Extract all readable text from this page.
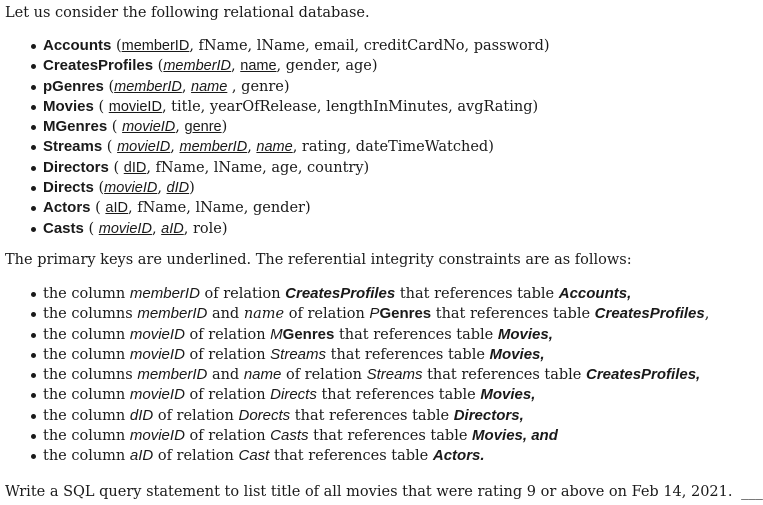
Let us consider the following relational database.
Accounts (memberID, fName, lName, email, creditCardNo, password)
CreatesProfiles (memberID, name, gender, age)
pGenres (memberID, name , genre)
Movies ( movieID, title, yearOfRelease, lengthInMinutes, avgRating)
MGenres ( movieID, genre)
Streams ( movieID, memberID, name, rating, dateTimeWatched)
Directors ( dID, fName, lName, age, country)
Directs (movieID, dID)
Actors ( aID, fName, lName, gender)
Casts ( movieID, aID, role)
The primary keys are underlined. The referential integrity constraints are as follows:
the column memberID of relation CreatesProfiles that references table Accounts,
the columns memberID and name of relation PGenres that references table CreatesProfiles,
the column movieID of relation MGenres that references table Movies,
the column movieID of relation Streams that references table Movies,
the columns memberID and name of relation Streams that references table CreatesProfiles,
the column movieID of relation Directs that references table Movies,
the column dID of relation Dorects that references table Directors,
the column movieID of relation Casts that references table Movies, and
the column aID of relation Cast that references table Actors.
Write a SQL query statement to list title of all movies that were rating 9 or above on Feb 14, 2021. ___
